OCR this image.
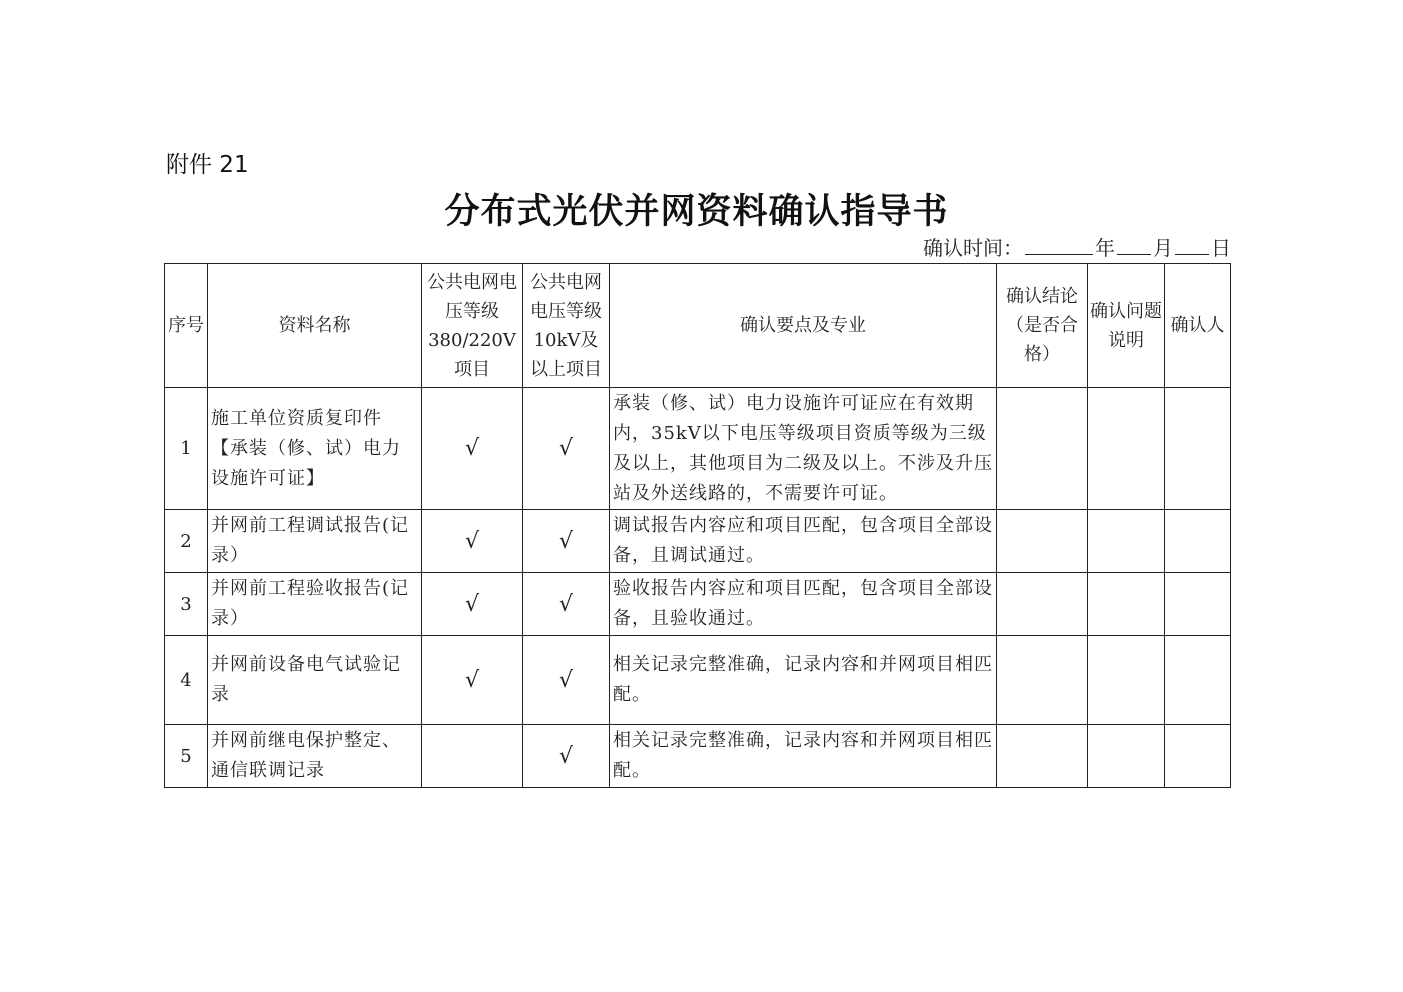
附件 21
分布式光伏并网资料确认指导书
确认时间：	年 月 日
序号	资料名称	公共电网电压等级380/220V项目	公共电网电压等级10kV及以上项目	确认要点及专业	确认结论（是否合格）	确认问题说明	确认人
1	施工单位资质复印件【承装（修、试）电力设施许可证】	√	√	承装（修、试）电力设施许可证应在有效期内，35kV以下电压等级项目资质等级为三级及以上，其他项目为二级及以上。不涉及升压站及外送线路的，不需要许可证。			
2	并网前工程调试报告(记录）	√	√	调试报告内容应和项目匹配，包含项目全部设备，且调试通过。			
3	并网前工程验收报告(记录）	√	√	验收报告内容应和项目匹配，包含项目全部设备，且验收通过。			
4	并网前设备电气试验记录	√	√	相关记录完整准确，记录内容和并网项目相匹配。			
5	并网前继电保护整定、通信联调记录		√	相关记录完整准确，记录内容和并网项目相匹配。			
